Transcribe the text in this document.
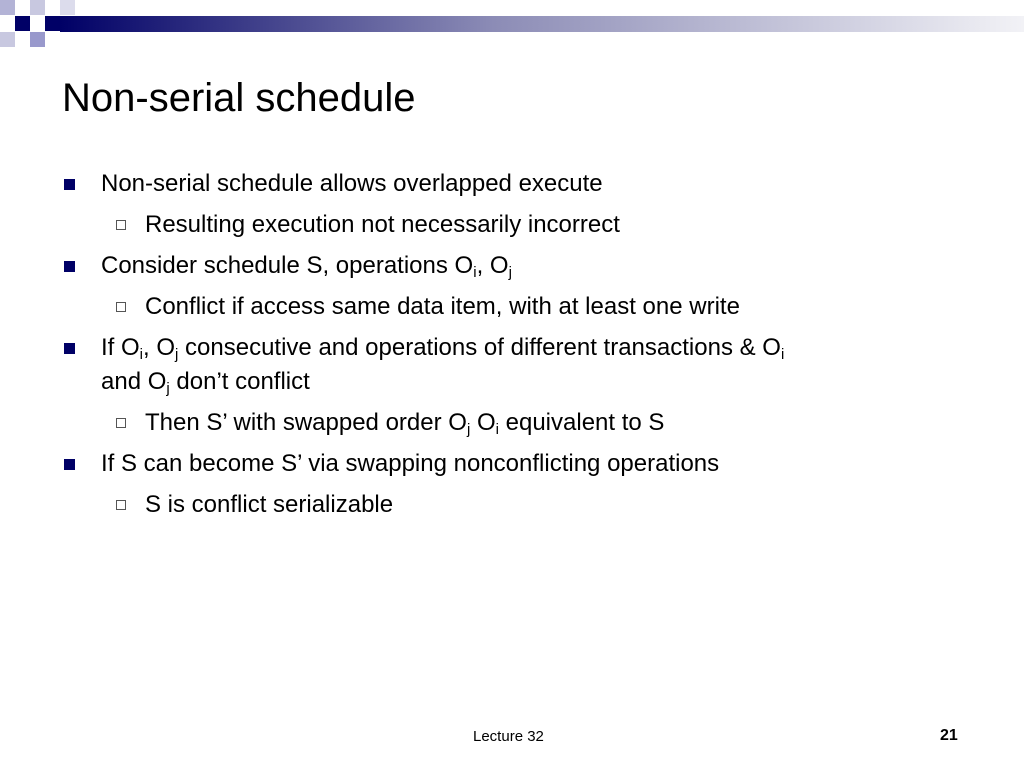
Non-serial schedule
Non-serial schedule allows overlapped execute
Resulting execution not necessarily incorrect
Consider schedule S, operations $O_i$, $O_j$
Conflict if access same data item, with at least one write
If $O_i$, $O_j$ consecutive and operations of different transactions & $O_i$
and $O_j$ don’t conflict
Then S’ with swapped order $O_j$ $O_i$ equivalent to S
If S can become S’ via swapping nonconflicting operations
S is conflict serializable
Lecture 32	21
